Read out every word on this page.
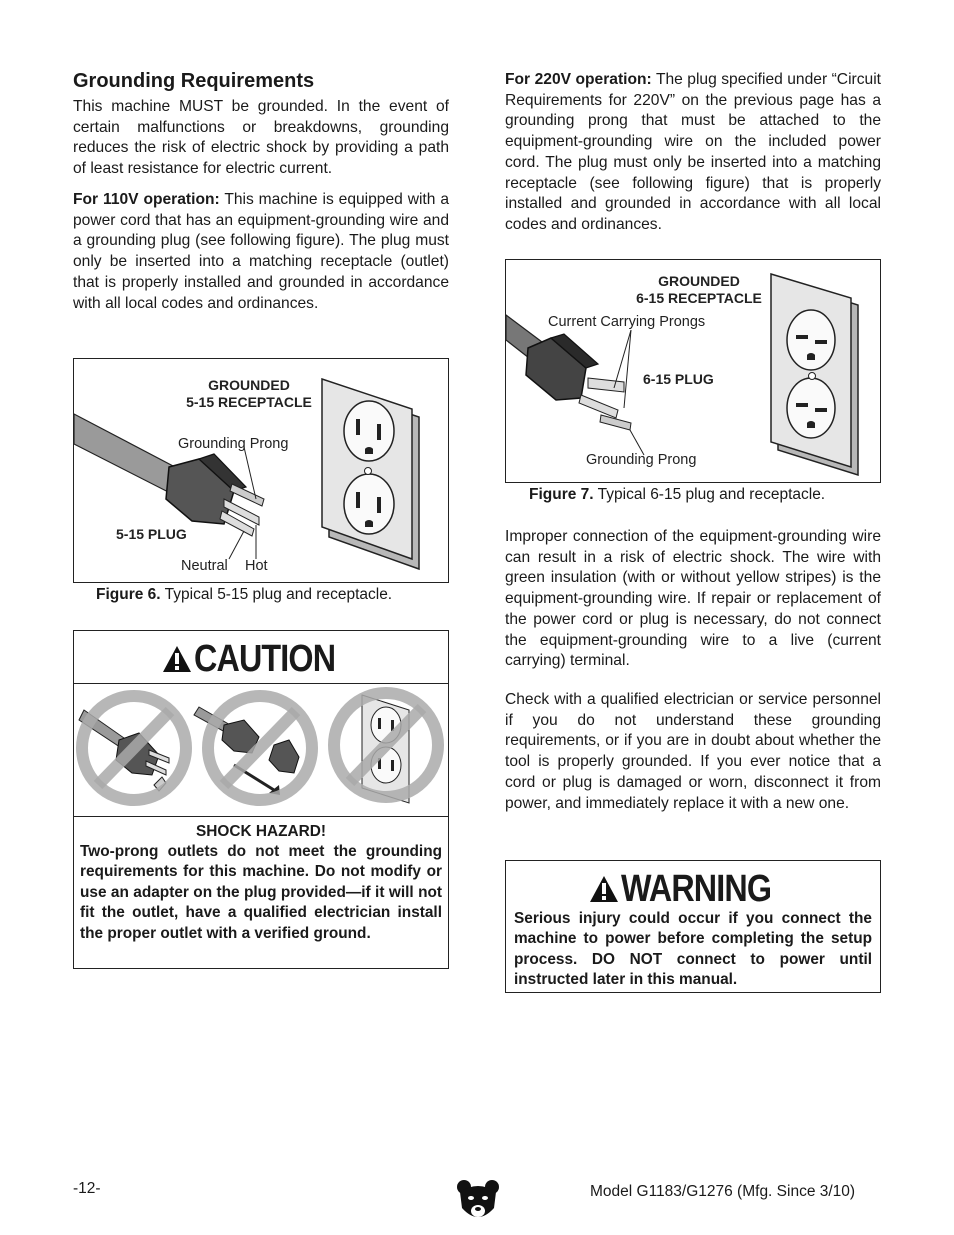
Grounding Requirements

This machine MUST be grounded. In the event of certain malfunctions or breakdowns, grounding reduces the risk of electric shock by providing a path of least resistance for electric current.

For 110V operation: This machine is equipped with a power cord that has an equipment-grounding wire and a grounding plug (see following figure). The plug must only be inserted into a matching receptacle (outlet) that is properly installed and grounded in accordance with all local codes and ordinances.

GROUNDED
5-15 RECEPTACLE
Grounding Prong
5-15 PLUG
Neutral Hot
Figure 6. Typical 5-15 plug and receptacle.
CAUTION
SHOCK HAZARD!
Two-prong outlets do not meet the grounding requirements for this machine. Do not modify or use an adapter on the plug provided—if it will not fit the outlet, have a qualified electrician install the proper outlet with a verified ground.

For 220V operation: The plug specified under “Circuit Requirements for 220V” on the previous page has a grounding prong that must be attached to the equipment-grounding wire on the included power cord. The plug must only be inserted into a matching receptacle (see following figure) that is properly installed and grounded in accordance with all local codes and ordinances.

GROUNDED
6-15 RECEPTACLE
Current Carrying Prongs
6-15 PLUG
Grounding Prong
Figure 7. Typical 6-15 plug and receptacle.

Improper connection of the equipment-grounding wire can result in a risk of electric shock. The wire with green insulation (with or without yellow stripes) is the equipment-grounding wire. If repair or replacement of the power cord or plug is necessary, do not connect the equipment-grounding wire to a live (current carrying) terminal.

Check with a qualified electrician or service personnel if you do not understand these grounding requirements, or if you are in doubt about whether the tool is properly grounded. If you ever notice that a cord or plug is damaged or worn, disconnect it from power, and immediately replace it with a new one.

WARNING
Serious injury could occur if you connect the machine to power before completing the setup process. DO NOT connect to power until instructed later in this manual.
-12-	Model G1183/G1276 (Mfg. Since 3/10)
